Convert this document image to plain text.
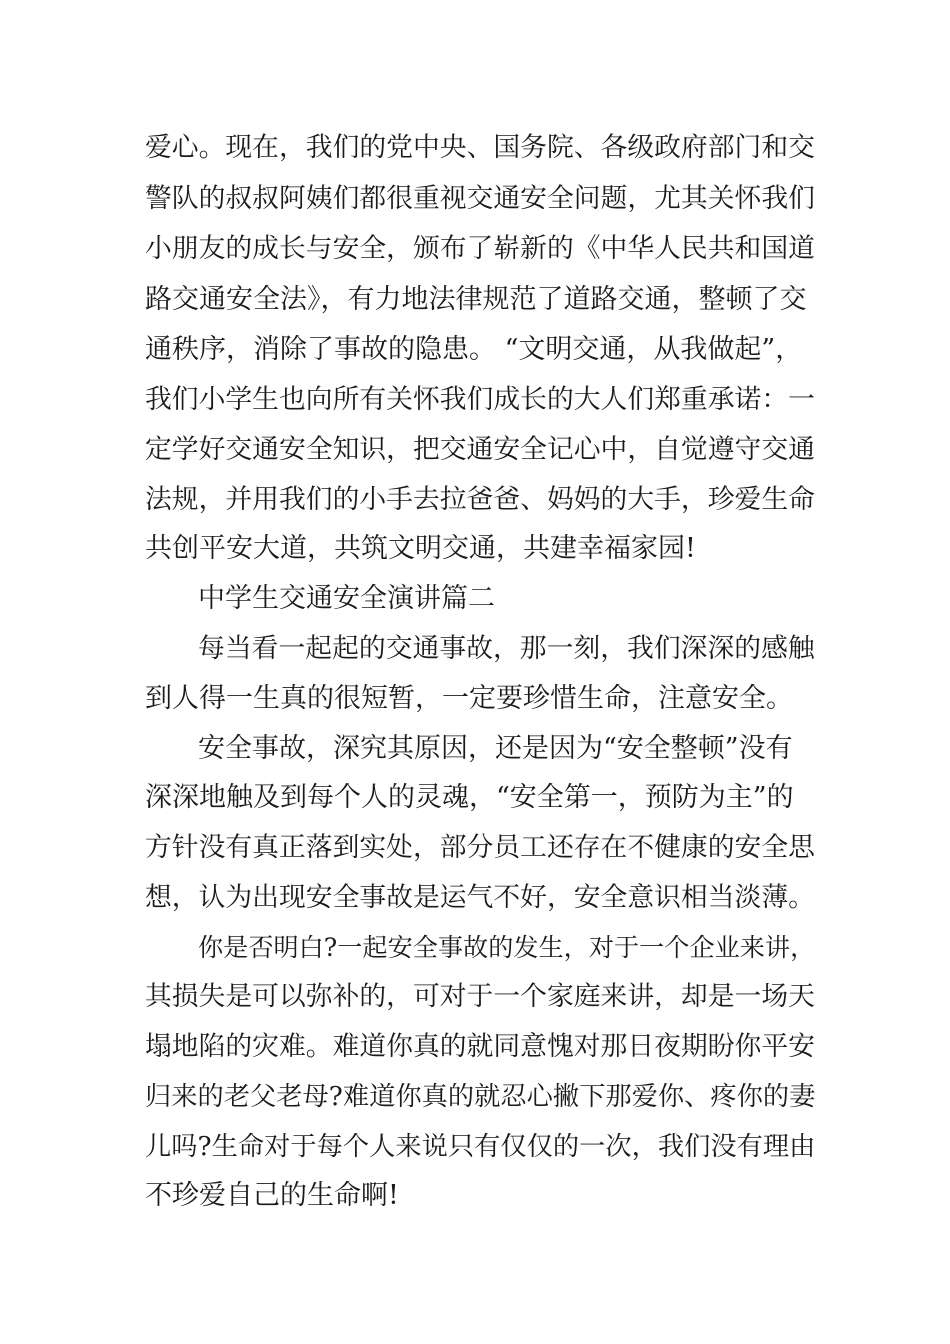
爱心。现在，我们的党中央、国务院、各级政府部门和交
警队的叔叔阿姨们都很重视交通安全问题，尤其关怀我们
小朋友的成长与安全，颁布了崭新的《中华人民共和国道
路交通安全法》，有力地法律规范了道路交通，整顿了交
通秩序，消除了事故的隐患。 “文明交通，从我做起”，
我们小学生也向所有关怀我们成长的大人们郑重承诺：一
定学好交通安全知识，把交通安全记心中，自觉遵守交通
法规，并用我们的小手去拉爸爸、妈妈的大手，珍爱生命
共创平安大道，共筑文明交通，共建幸福家园!
中学生交通安全演讲篇二
每当看一起起的交通事故，那一刻，我们深深的感触
到人得一生真的很短暂，一定要珍惜生命，注意安全。
安全事故，深究其原因，还是因为“安全整顿”没有
深深地触及到每个人的灵魂，“安全第一，预防为主”的
方针没有真正落到实处，部分员工还存在不健康的安全思
想，认为出现安全事故是运气不好，安全意识相当淡薄。
你是否明白?一起安全事故的发生，对于一个企业来讲，
其损失是可以弥补的，可对于一个家庭来讲，却是一场天
塌地陷的灾难。难道你真的就同意愧对那日夜期盼你平安
归来的老父老母?难道你真的就忍心撇下那爱你、疼你的妻
儿吗?生命对于每个人来说只有仅仅的一次，我们没有理由
不珍爱自己的生命啊!
